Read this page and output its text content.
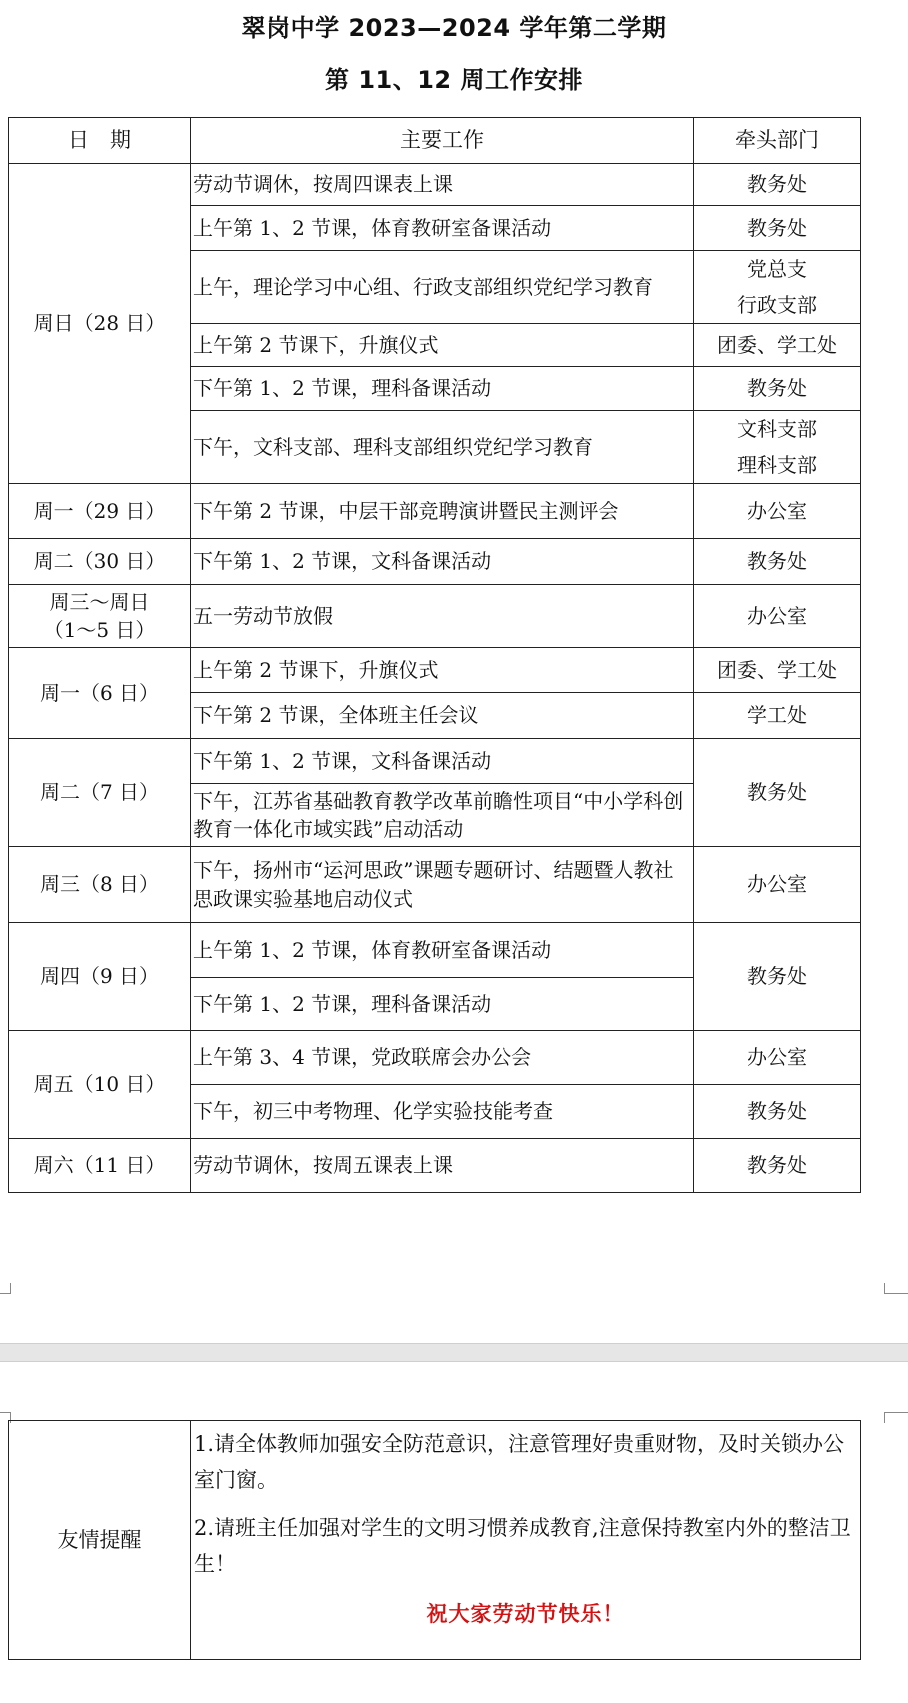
翠岗中学 2023—2024 学年第二学期
第 11、12 周工作安排
日　期	主要工作	牵头部门
周日（28 日）	劳动节调休，按周四课表上课	教务处
	上午第 1、2 节课，体育教研室备课活动	教务处
	上午，理论学习中心组、行政支部组织党纪学习教育	党总支
行政支部

	上午第 2 节课下，升旗仪式	团委、学工处
	下午第 1、2 节课，理科备课活动	教务处
	下午，文科支部、理科支部组织党纪学习教育	文科支部
理科支部

周一（29 日）	下午第 2 节课，中层干部竞聘演讲暨民主测评会	办公室
周二（30 日）	下午第 1、2 节课，文科备课活动	教务处

周三～周日
（1～5 日）	五一劳动节放假	办公室
周一（6 日）	上午第 2 节课下，升旗仪式	团委、学工处
	下午第 2 节课，全体班主任会议	学工处
周二（7 日）	下午第 1、2 节课，文科备课活动	教务处
	下午，江苏省基础教育教学改革前瞻性项目“中小学科创教育一体化市域实践”启动活动	
周三（8 日）	下午，扬州市“运河思政”课题专题研讨、结题暨人教社思政课实验基地启动仪式	办公室
周四（9 日）	上午第 1、2 节课，体育教研室备课活动	教务处
	下午第 1、2 节课，理科备课活动	
周五（10 日）	上午第 3、4 节课，党政联席会办公会	办公室
	下午，初三中考物理、化学实验技能考查	教务处
周六（11 日）	劳动节调休，按周五课表上课	教务处
友情提醒	

1.请全体教师加强安全防范意识，注意管理好贵重财物，及时关锁办公室门窗。

2.请班主任加强对学生的文明习惯养成教育,注意保持教室内外的整洁卫生！

祝大家劳动节快乐！
